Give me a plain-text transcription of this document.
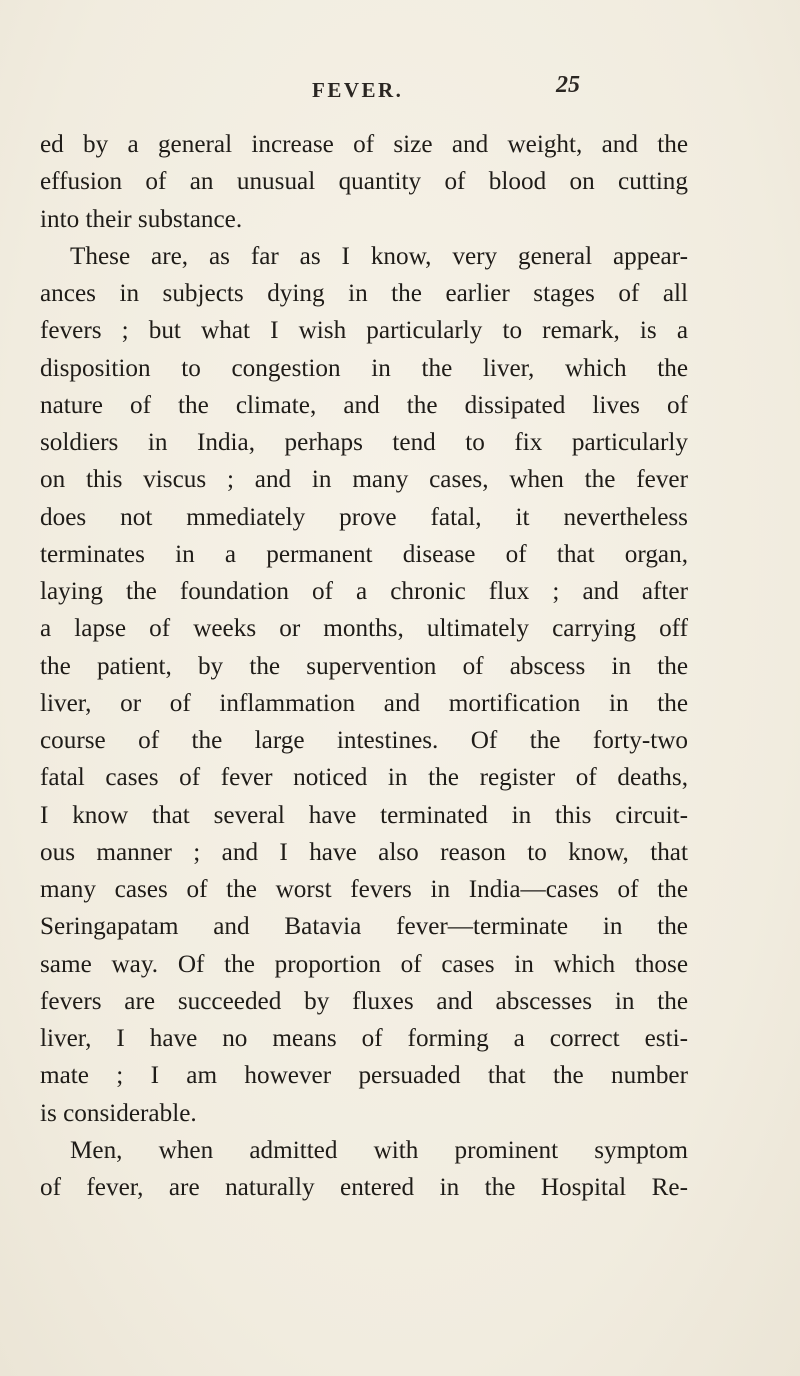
FEVER.	25
ed by a general increase of size and weight, and the
effusion of an unusual quantity of blood on cutting
into their substance.
These are, as far as I know, very general appear-
ances in subjects dying in the earlier stages of all
fevers ; but what I wish particularly to remark, is a
disposition to congestion in the liver, which the
nature of the climate, and the dissipated lives of
soldiers in India, perhaps tend to fix particularly
on this viscus ; and in many cases, when the fever
does not mmediately prove fatal, it nevertheless
terminates in a permanent disease of that organ,
laying the foundation of a chronic flux ; and after
a lapse of weeks or months, ultimately carrying off
the patient, by the supervention of abscess in the
liver, or of inflammation and mortification in the
course of the large intestines. Of the forty-two
fatal cases of fever noticed in the register of deaths,
I know that several have terminated in this circuit-
ous manner ; and I have also reason to know, that
many cases of the worst fevers in India—cases of the
Seringapatam and Batavia fever—terminate in the
same way. Of the proportion of cases in which those
fevers are succeeded by fluxes and abscesses in the
liver, I have no means of forming a correct esti-
mate ; I am however persuaded that the number
is considerable.
Men, when admitted with prominent symptom
of fever, are naturally entered in the Hospital Re-
